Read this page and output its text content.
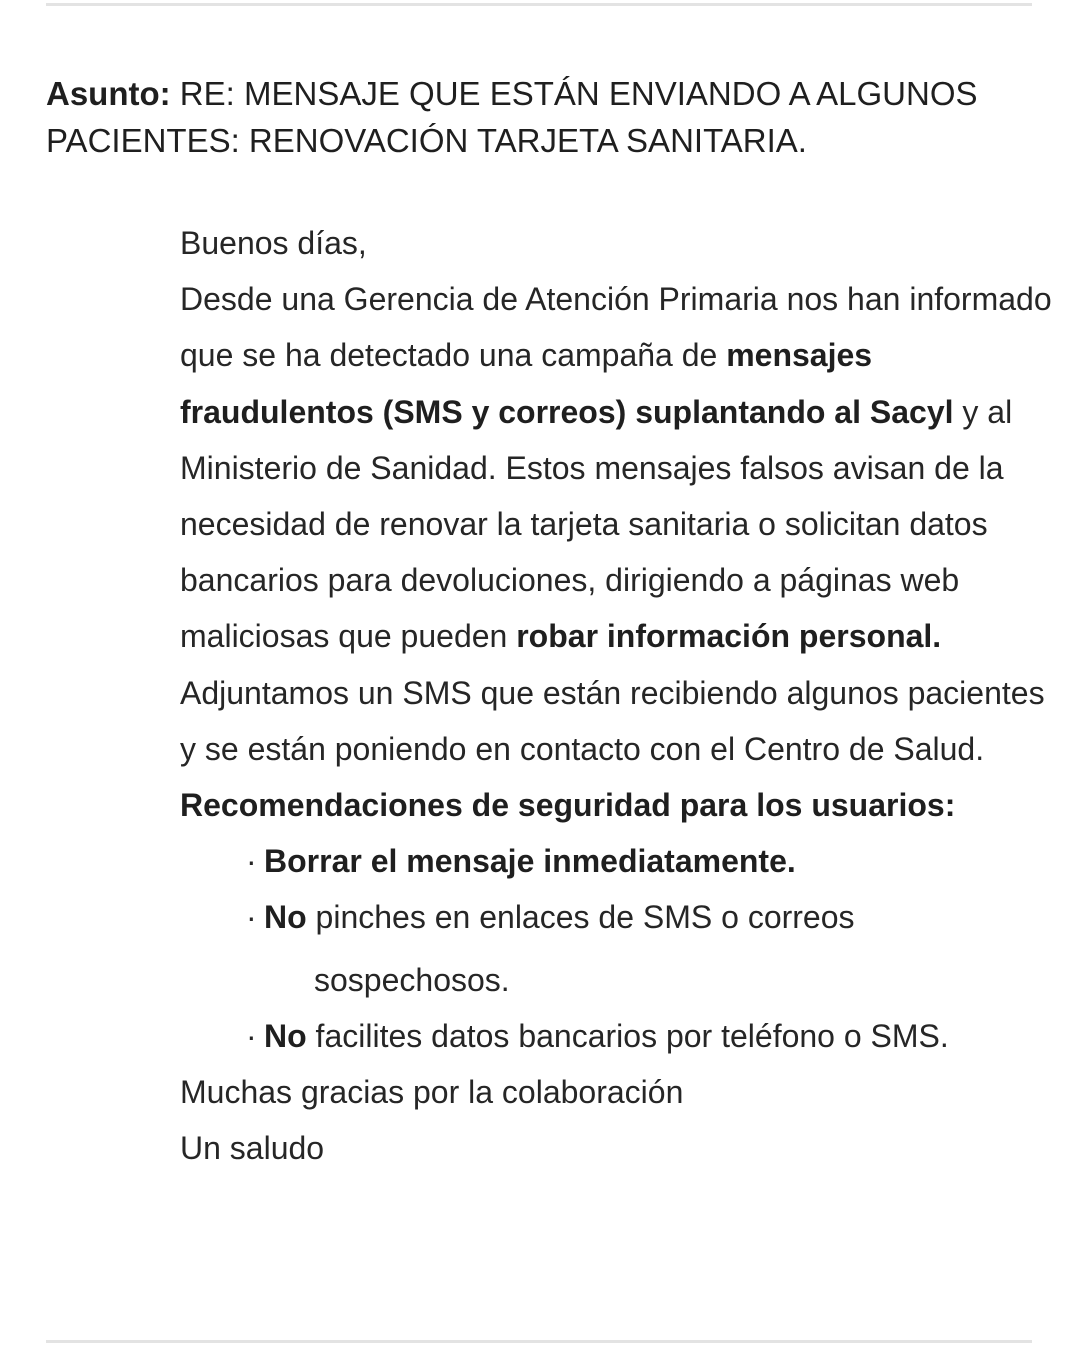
Asunto: RE: MENSAJE QUE ESTÁN ENVIANDO A ALGUNOS PACIENTES: RENOVACIÓN TARJETA SANITARIA.

Buenos días,

Desde una Gerencia de Atención Primaria nos han informado que se ha detectado una campaña de mensajes fraudulentos (SMS y correos) suplantando al Sacyl y al Ministerio de Sanidad. Estos mensajes falsos avisan de la necesidad de renovar la tarjeta sanitaria o solicitan datos bancarios para devoluciones, dirigiendo a páginas web maliciosas que pueden robar información personal.

Adjuntamos un SMS que están recibiendo algunos pacientes y se están poniendo en contacto con el Centro de Salud.

Recomendaciones de seguridad para los usuarios:

· Borrar el mensaje inmediatamente.

· No pinches en enlaces de SMS o correos
sospechosos.

· No facilites datos bancarios por teléfono o SMS.

Muchas gracias por la colaboración

Un saludo
